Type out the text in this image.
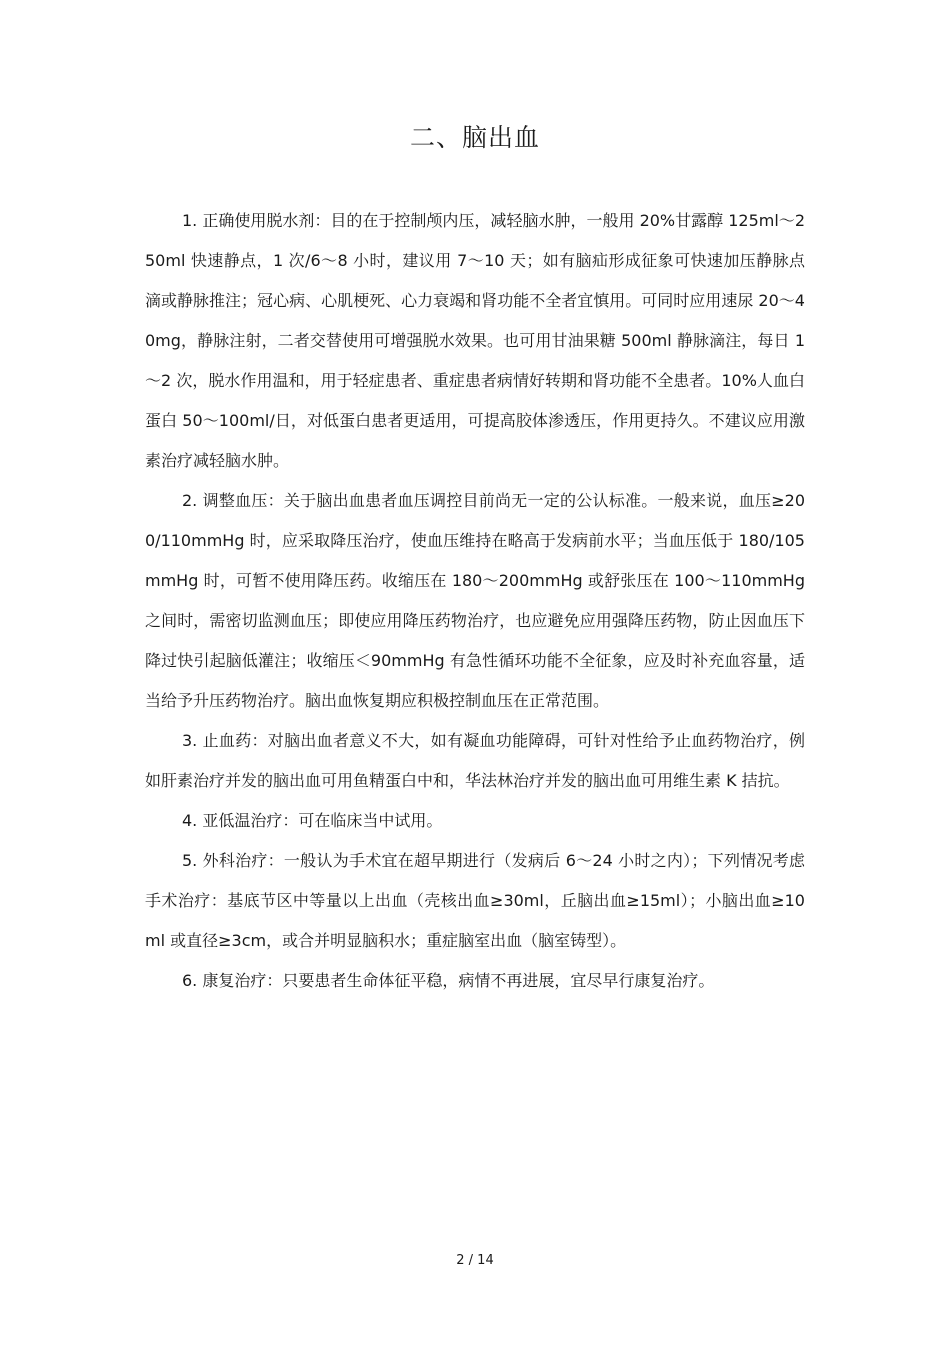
二、脑出血

1. 正确使用脱水剂：目的在于控制颅内压，减轻脑水肿，一般用 20%甘露醇 125ml～250ml 快速静点，1 次/6～8 小时，建议用 7～10 天；如有脑疝形成征象可快速加压静脉点滴或静脉推注；冠心病、心肌梗死、心力衰竭和肾功能不全者宜慎用。可同时应用速尿 20～40mg，静脉注射，二者交替使用可增强脱水效果。也可用甘油果糖 500ml 静脉滴注，每日 1～2 次，脱水作用温和，用于轻症患者、重症患者病情好转期和肾功能不全患者。10%人血白蛋白 50～100ml/日，对低蛋白患者更适用，可提高胶体渗透压，作用更持久。不建议应用激素治疗减轻脑水肿。

2. 调整血压：关于脑出血患者血压调控目前尚无一定的公认标准。一般来说，血压≥200/110mmHg 时，应采取降压治疗，使血压维持在略高于发病前水平；当血压低于 180/105mmHg 时，可暂不使用降压药。收缩压在 180～200mmHg 或舒张压在 100～110mmHg 之间时，需密切监测血压；即使应用降压药物治疗，也应避免应用强降压药物，防止因血压下降过快引起脑低灌注；收缩压＜90mmHg 有急性循环功能不全征象，应及时补充血容量，适当给予升压药物治疗。脑出血恢复期应积极控制血压在正常范围。

3. 止血药：对脑出血者意义不大，如有凝血功能障碍，可针对性给予止血药物治疗，例如肝素治疗并发的脑出血可用鱼精蛋白中和，华法林治疗并发的脑出血可用维生素 K 拮抗。

4. 亚低温治疗：可在临床当中试用。

5. 外科治疗：一般认为手术宜在超早期进行（发病后 6～24 小时之内）；下列情况考虑手术治疗：基底节区中等量以上出血（壳核出血≥30ml，丘脑出血≥15ml）；小脑出血≥10ml 或直径≥3cm，或合并明显脑积水；重症脑室出血（脑室铸型）。

6. 康复治疗：只要患者生命体征平稳，病情不再进展，宜尽早行康复治疗。

2 / 14
